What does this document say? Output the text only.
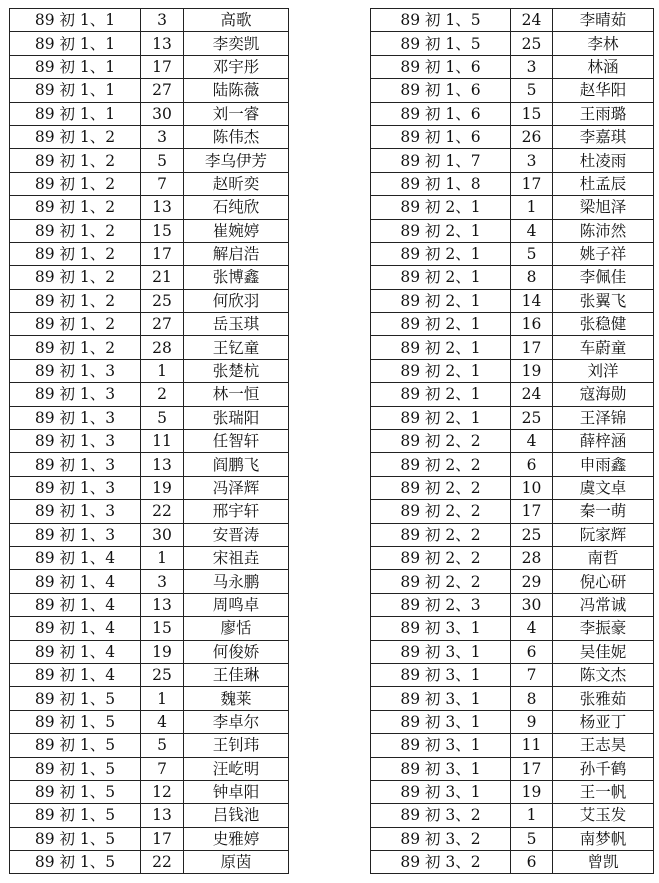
89 初 1、1	3	高歌
89 初 1、1	13	李奕凯
89 初 1、1	17	邓宇彤
89 初 1、1	27	陆陈薇
89 初 1、1	30	刘一睿
89 初 1、2	3	陈伟杰
89 初 1、2	5	李乌伊芳
89 初 1、2	7	赵昕奕
89 初 1、2	13	石纯欣
89 初 1、2	15	崔婉婷
89 初 1、2	17	解启浩
89 初 1、2	21	张博鑫
89 初 1、2	25	何欣羽
89 初 1、2	27	岳玉琪
89 初 1、2	28	王钇童
89 初 1、3	1	张楚杭
89 初 1、3	2	林一恒
89 初 1、3	5	张瑞阳
89 初 1、3	11	任智轩
89 初 1、3	13	阎鹏飞
89 初 1、3	19	冯泽辉
89 初 1、3	22	邢宇轩
89 初 1、3	30	安晋涛
89 初 1、4	1	宋祖垚
89 初 1、4	3	马永鹏
89 初 1、4	13	周鸣卓
89 初 1、4	15	廖恬
89 初 1、4	19	何俊娇
89 初 1、4	25	王佳琳
89 初 1、5	1	魏莱
89 初 1、5	4	李卓尔
89 初 1、5	5	王钊玮
89 初 1、5	7	汪屹明
89 初 1、5	12	钟卓阳
89 初 1、5	13	吕钱池
89 初 1、5	17	史雅婷
89 初 1、5	22	原茵
89 初 1、5	24	李晴茹
89 初 1、5	25	李林
89 初 1、6	3	林涵
89 初 1、6	5	赵华阳
89 初 1、6	15	王雨璐
89 初 1、6	26	李嘉琪
89 初 1、7	3	杜凌雨
89 初 1、8	17	杜孟辰
89 初 2、1	1	梁旭泽
89 初 2、1	4	陈沛然
89 初 2、1	5	姚子祥
89 初 2、1	8	李佩佳
89 初 2、1	14	张翼飞
89 初 2、1	16	张稳健
89 初 2、1	17	车蔚童
89 初 2、1	19	刘洋
89 初 2、1	24	寇海勋
89 初 2、1	25	王泽锦
89 初 2、2	4	薛梓涵
89 初 2、2	6	申雨鑫
89 初 2、2	10	虞文卓
89 初 2、2	17	秦一萌
89 初 2、2	25	阮家辉
89 初 2、2	28	南哲
89 初 2、2	29	倪心研
89 初 2、3	30	冯常诚
89 初 3、1	4	李振豪
89 初 3、1	6	吴佳妮
89 初 3、1	7	陈文杰
89 初 3、1	8	张雅茹
89 初 3、1	9	杨亚丁
89 初 3、1	11	王志昊
89 初 3、1	17	孙千鹤
89 初 3、1	19	王一帆
89 初 3、2	1	艾玉发
89 初 3、2	5	南梦帆
89 初 3、2	6	曾凯
